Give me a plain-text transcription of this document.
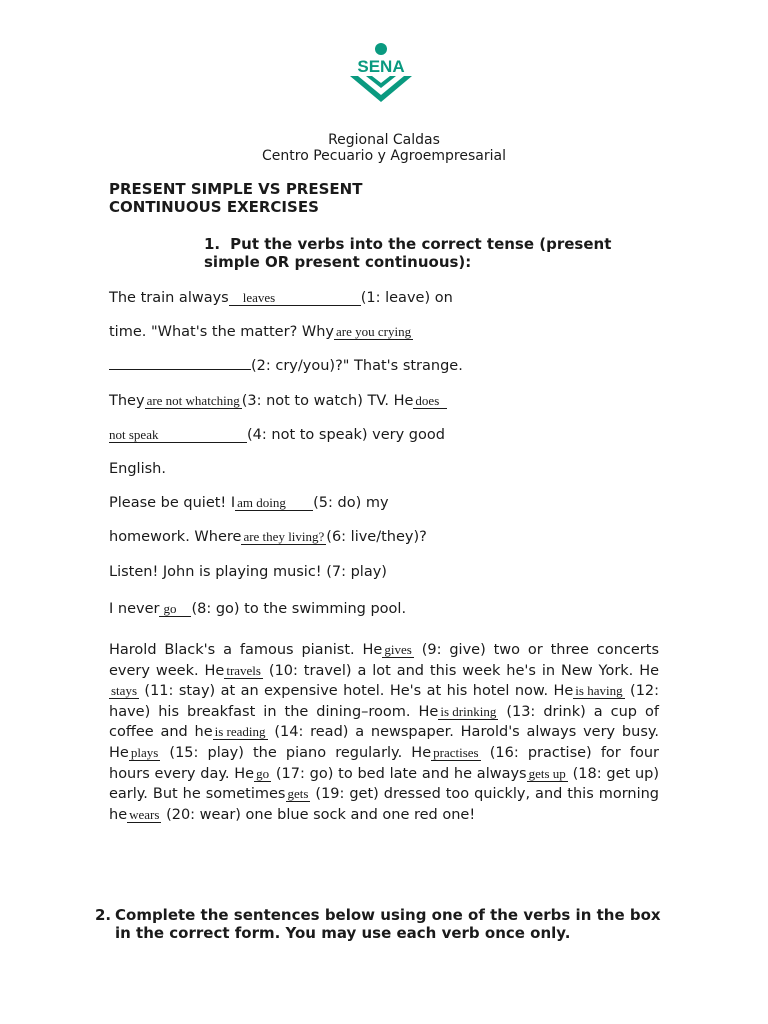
SENA
Regional Caldas
Centro Pecuario y Agroempresarial
PRESENT SIMPLE VS PRESENT
CONTINUOUS EXERCISES
1. Put the verbs into the correct tense (present simple OR present continuous):
The train always leaves	(1: leave) on
time. "What's the matter? Why are you crying
(2: cry/you)?" That's strange.
They are not whatching (3: not to watch) TV. He does
not speak	(4: not to speak) very good
English.
Please be quiet! I am doing (5: do) my
homework. Where are they living? (6: live/they)?
Listen! John is playing music! (7: play)
I never go (8: go) to the swimming pool.
Harold Black's a famous pianist. He gives (9: give) two or three concerts every week. He travels (10: travel) a lot and this week he's in New York. Hestays (11: stay) at an expensive hotel. He's at his hotel now. He is having (12: have) his breakfast in the dining–room. He is drinking (13: drink) a cup of coffee and he is reading (14: read) a newspaper. Harold's always very busy. He plays (15: play) the piano regularly. He practises (16: practise) for four hours every day. He go (17: go) to bed late and he always gets up (18: get up) early. But he sometimes gets (19: get) dressed too quickly, and this morning he wears (20: wear) one blue sock and one red one!
2. Complete the sentences below using one of the verbs in the box in the correct form. You may use each verb once only.
